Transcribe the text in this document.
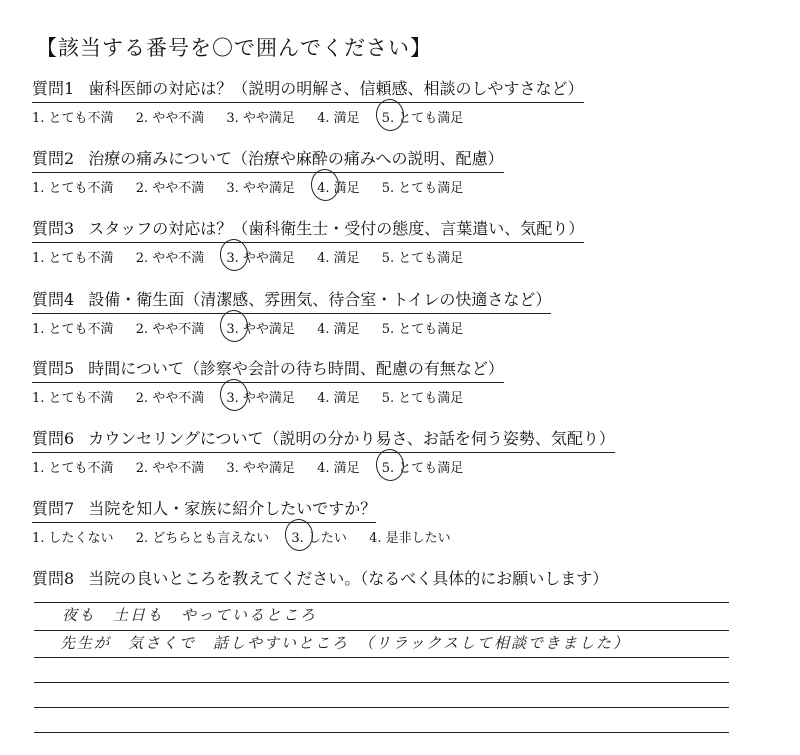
【該当する番号を〇で囲んでください】
質問1 歯科医師の対応は？（説明の明解さ、信頼感、相談のしやすさなど）
1. とても不満 2. やや不満 3. やや満足 4. 満足 5. とても満足
質問2 治療の痛みについて（治療や麻酔の痛みへの説明、配慮）
1. とても不満 2. やや不満 3. やや満足 4. 満足 5. とても満足
質問3 スタッフの対応は？（歯科衛生士・受付の態度、言葉遣い、気配り）
1. とても不満 2. やや不満 3. やや満足 4. 満足 5. とても満足
質問4 設備・衛生面（清潔感、雰囲気、待合室・トイレの快適さなど）
1. とても不満 2. やや不満 3. やや満足 4. 満足 5. とても満足
質問5 時間について（診察や会計の待ち時間、配慮の有無など）
1. とても不満 2. やや不満 3. やや満足 4. 満足 5. とても満足
質問6 カウンセリングについて（説明の分かり易さ、お話を伺う姿勢、気配り）
1. とても不満 2. やや不満 3. やや満足 4. 満足 5. とても満足
質問7 当院を知人・家族に紹介したいですか？
1. したくない 2. どちらとも言えない 3. したい 4. 是非したい
質問8 当院の良いところを教えてください。（なるべく具体的にお願いします）
夜も　土日も　やっているところ
先生が　気さくで　話しやすいところ　（リラックスして相談できました）
